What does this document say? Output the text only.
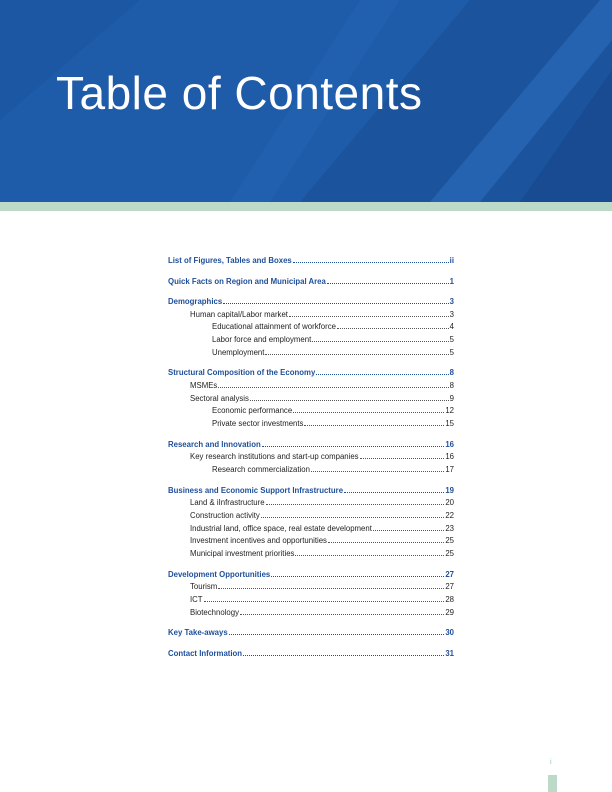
Table of Contents
List of Figures, Tables and Boxes	ii
Quick Facts on Region and Municipal Area	1
Demographics	3
Human capital/Labor market	3
Educational attainment of workforce	4
Labor force and employment	5
Unemployment	5
Structural Composition of the Economy	8
MSMEs	8
Sectoral analysis	9
Economic performance	12
Private sector investments	15
Research and Innovation	16
Key research institutions and start-up companies	16
Research commercialization	17
Business and Economic Support Infrastructure	19
Land & iInfrastructure	20
Construction activity	22
Industrial land, office space, real estate development	23
Investment incentives and opportunities	25
Municipal investment priorities	25
Development Opportunities	27
Tourism	27
ICT	28
Biotechnology	29
Key Take-aways	30
Contact Information	31
i
